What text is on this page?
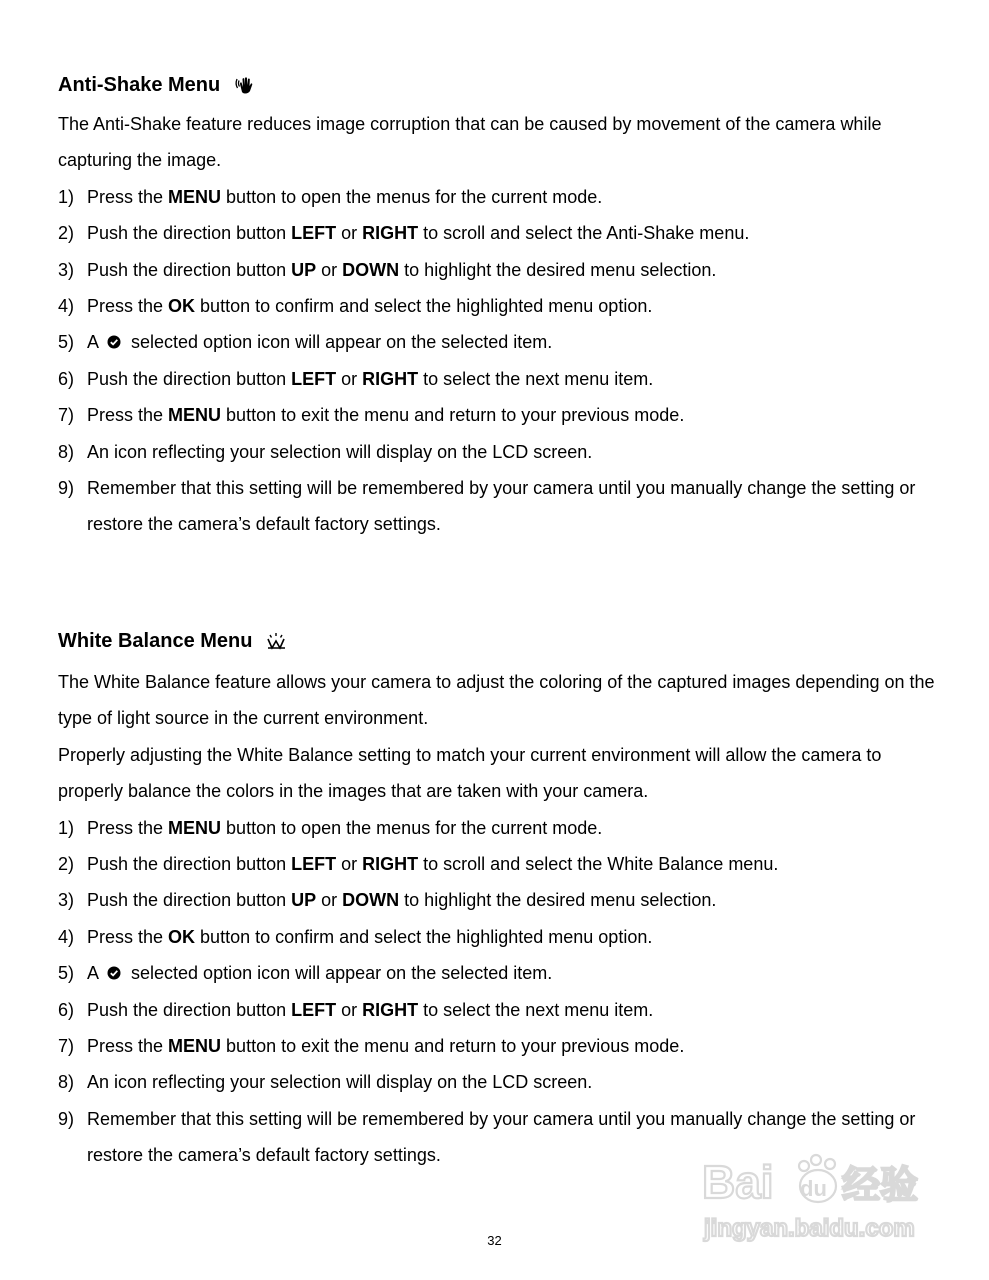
Anti-Shake Menu

The Anti-Shake feature reduces image corruption that can be caused by movement of the camera while capturing the image.

1) Press the MENU button to open the menus for the current mode.
2) Push the direction button LEFT or RIGHT to scroll and select the Anti-Shake menu.
3) Push the direction button UP or DOWN to highlight the desired menu selection.
4) Press the OK button to confirm and select the highlighted menu option.
5) A selected option icon will appear on the selected item.
6) Push the direction button LEFT or RIGHT to select the next menu item.
7) Press the MENU button to exit the menu and return to your previous mode.
8) An icon reflecting your selection will display on the LCD screen.
9) Remember that this setting will be remembered by your camera until you manually change the setting or restore the camera’s default factory settings.
White Balance Menu

The White Balance feature allows your camera to adjust the coloring of the captured images depending on the type of light source in the current environment.

Properly adjusting the White Balance setting to match your current environment will allow the camera to properly balance the colors in the images that are taken with your camera.

1) Press the MENU button to open the menus for the current mode.
2) Push the direction button LEFT or RIGHT to scroll and select the White Balance menu.
3) Push the direction button UP or DOWN to highlight the desired menu selection.
4) Press the OK button to confirm and select the highlighted menu option.
5) A selected option icon will appear on the selected item.
6) Push the direction button LEFT or RIGHT to select the next menu item.
7) Press the MENU button to exit the menu and return to your previous mode.
8) An icon reflecting your selection will display on the LCD screen.
9) Remember that this setting will be remembered by your camera until you manually change the setting or restore the camera’s default factory settings.
32
Bai du 经验
jingyan.baidu.com
